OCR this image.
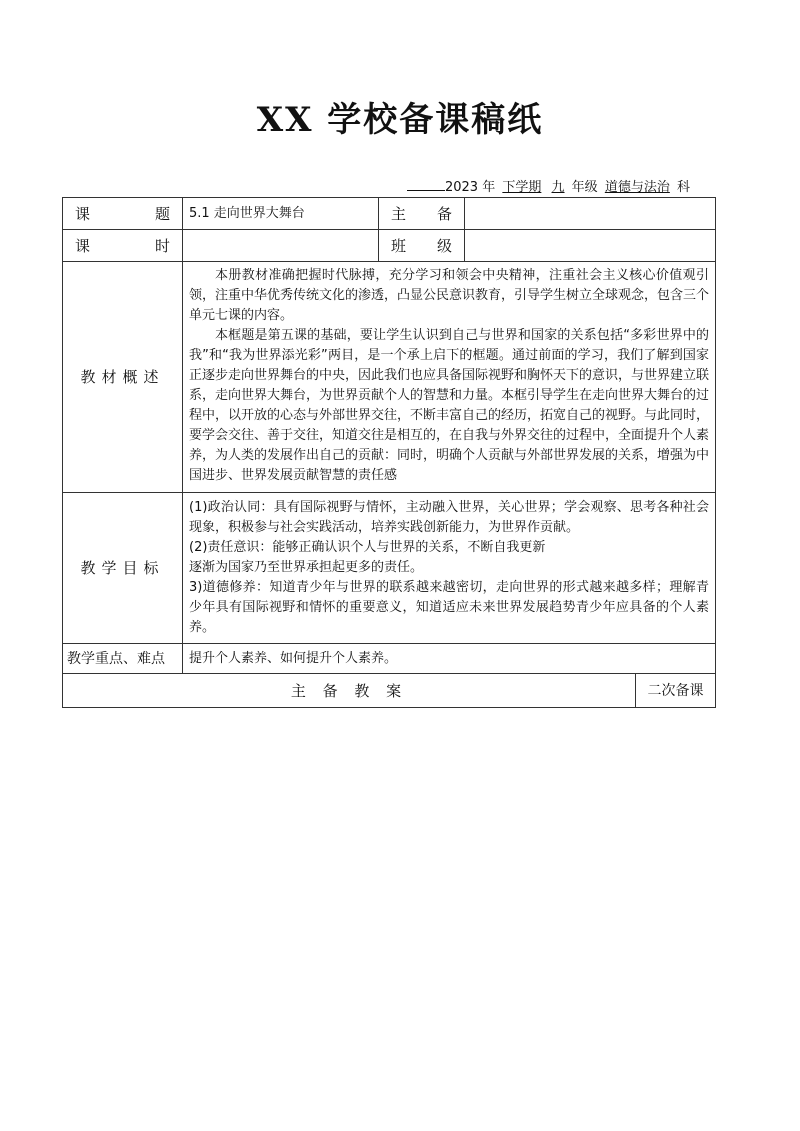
XX 学校备课稿纸
2023 年 下学期 九 年级 道德与法治 科
课题	5.1 走向世界大舞台	主备		
课时		班级		
教材概述	本册教材准确把握时代脉搏，充分学习和领会中央精神，注重社会主义核心价值观引领，注重中华优秀传统文化的渗透，凸显公民意识教育，引导学生树立全球观念，包含三个单元七课的内容。

本框题是第五课的基础，要让学生认识到自己与世界和国家的关系包括“多彩世界中的我”和“我为世界添光彩”两目，是一个承上启下的框题。通过前面的学习，我们了解到国家正逐步走向世界舞台的中央，因此我们也应具备国际视野和胸怀天下的意识，与世界建立联系，走向世界大舞台，为世界贡献个人的智慧和力量。本框引导学生在走向世界大舞台的过程中，以开放的心态与外部世界交往，不断丰富自己的经历，拓宽自己的视野。与此同时，要学会交往、善于交往，知道交往是相互的，在自我与外界交往的过程中，全面提升个人素养，为人类的发展作出自己的贡献：同时，明确个人贡献与外部世界发展的关系，增强为中国进步、世界发展贡献智慧的责任感			

教学目标	(1)政治认同：具有国际视野与情怀，主动融入世界，关心世界；学会观察、思考各种社会现象，积极参与社会实践活动，培养实践创新能力，为世界作贡献。
(2)责任意识：能够正确认识个人与世界的关系，不断自我更新
逐渐为国家乃至世界承担起更多的责任。
3)道德修养：知道青少年与世界的联系越来越密切，走向世界的形式越来越多样；理解青少年具有国际视野和情怀的重要意义，知道适应未来世界发展趋势青少年应具备的个人素养。			

教学重点、难点	提升个人素养、如何提升个人素养。			
主 备 教 案				二次备课
